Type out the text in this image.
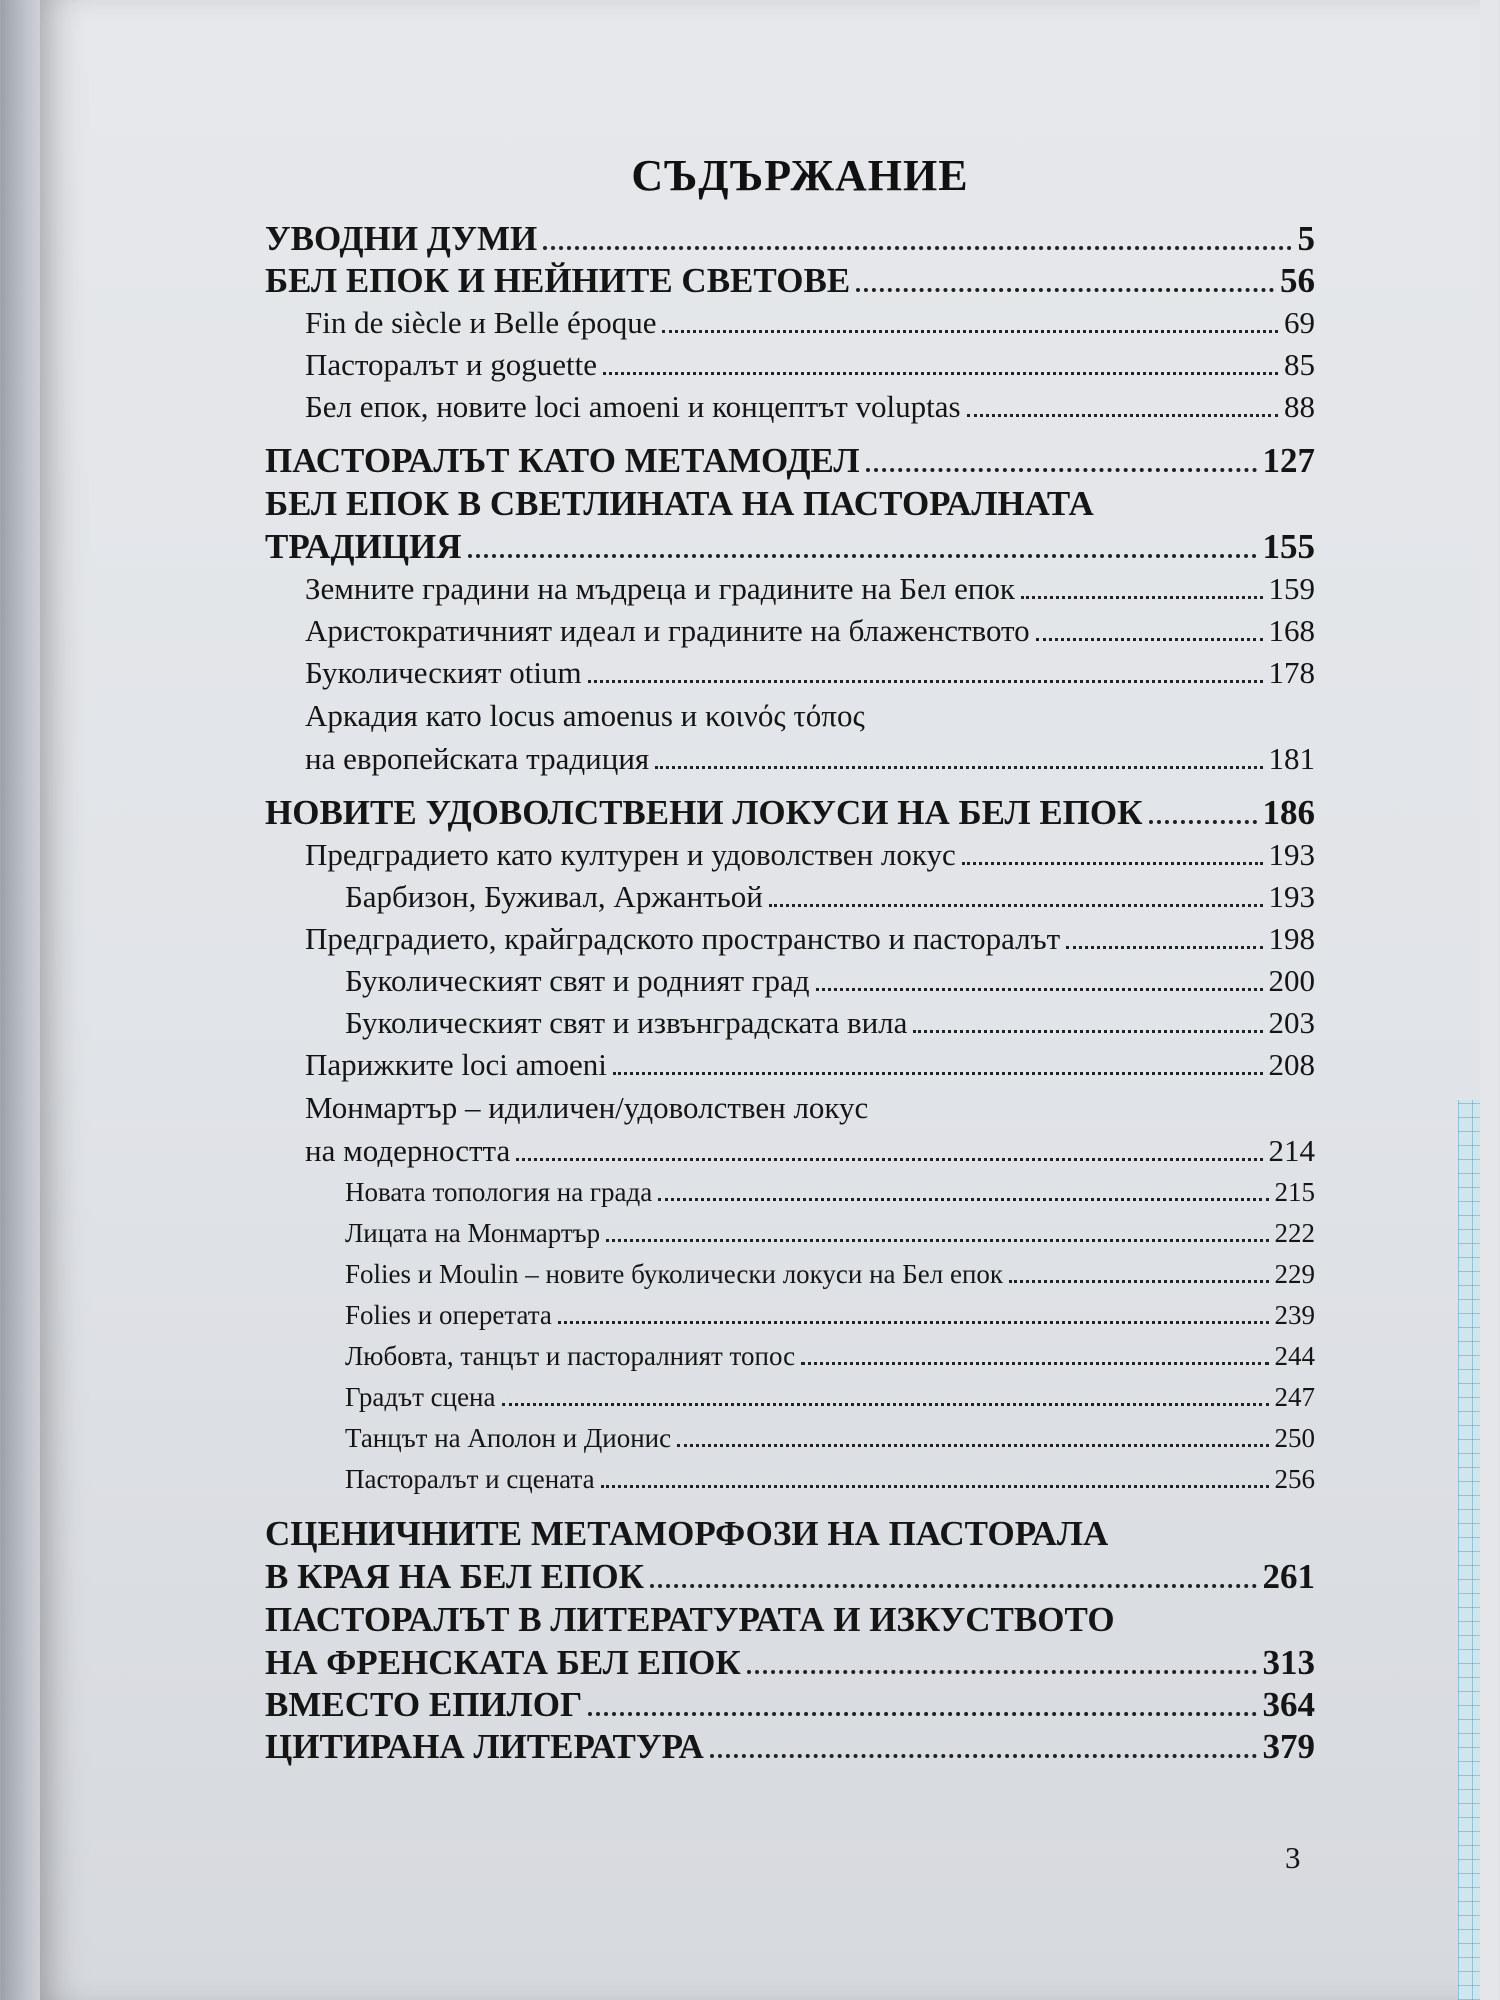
СЪДЪРЖАНИЕ
УВОДНИ ДУМИ	5
БЕЛ ЕПОК И НЕЙНИТЕ СВЕТОВЕ	56
Fin de siècle и Belle époque	69
Пасторалът и goguette	85
Бел епок, новите loci amoeni и концептът voluptas	88
ПАСТОРАЛЪТ КАТО МЕТАМОДЕЛ	127
БЕЛ ЕПОК В СВЕТЛИНАТА НА ПАСТОРАЛНАТА
ТРАДИЦИЯ	155
Земните градини на мъдреца и градините на Бел епок	159
Аристократичният идеал и градините на блаженството	168
Буколическият otium	178
Аркадия като locus amoenus и κοινός τόπος
на европейската традиция	181
НОВИТЕ УДОВОЛСТВЕНИ ЛОКУСИ НА БЕЛ ЕПОК	186
Предградието като културен и удоволствен локус	193
Барбизон, Буживал, Аржантьой	193
Предградието, крайградското пространство и пасторалът	198
Буколическият свят и родният град	200
Буколическият свят и извънградската вила	203
Парижките loci amoeni	208
Монмартър – идиличен/удоволствен локус
на модерността	214
Новата топология на града	215
Лицата на Монмартър	222
Folies и Moulin – новите буколически локуси на Бел епок	229
Folies и оперетата	239
Любовта, танцът и пасторалният топос	244
Градът сцена	247
Танцът на Аполон и Дионис	250
Пасторалът и сцената	256
СЦЕНИЧНИТЕ МЕТАМОРФОЗИ НА ПАСТОРАЛА
В КРАЯ НА БЕЛ ЕПОК	261
ПАСТОРАЛЪТ В ЛИТЕРАТУРАТА И ИЗКУСТВОТО
НА ФРЕНСКАТА БЕЛ ЕПОК	313
ВМЕСТО ЕПИЛОГ	364
ЦИТИРАНА ЛИТЕРАТУРА	379
3
